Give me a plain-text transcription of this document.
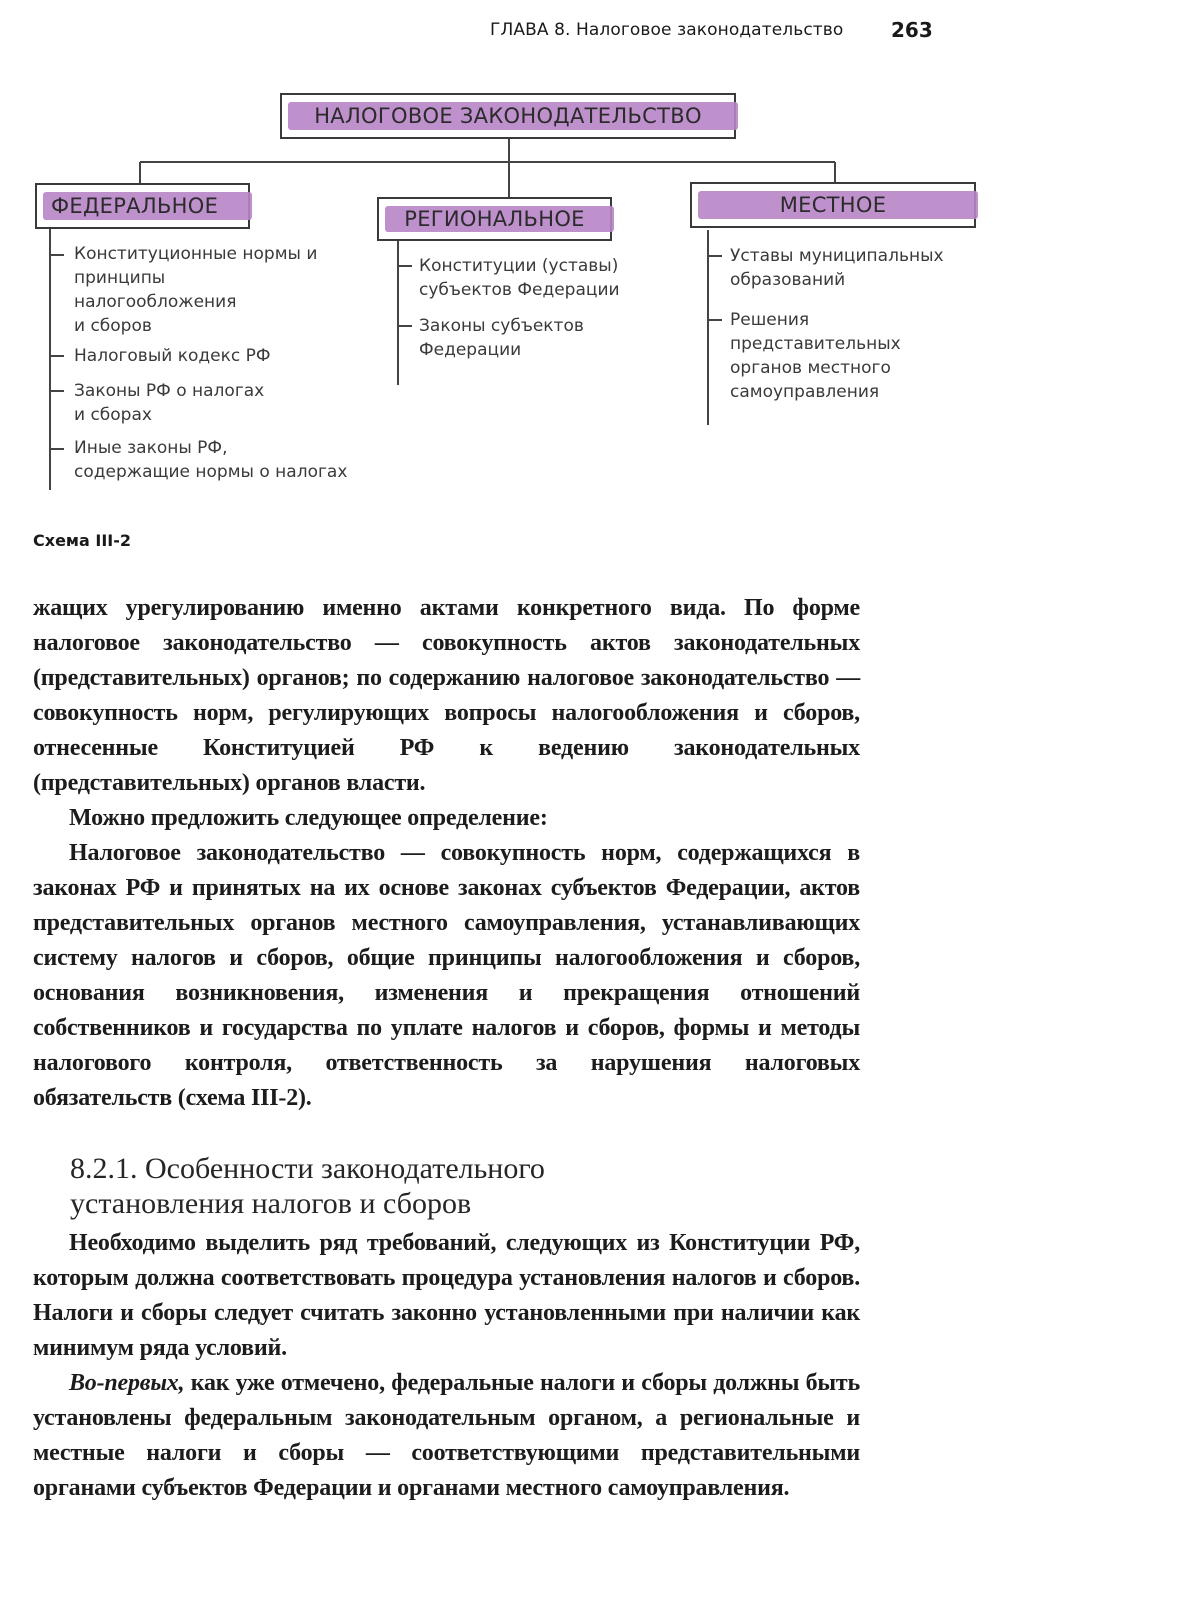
ГЛАВА 8. Налоговое законодательство 263
НАЛОГОВОЕ ЗАКОНОДАТЕЛЬСТВО
ФЕДЕРАЛЬНОЕ
РЕГИОНАЛЬНОЕ
МЕСТНОЕ
Конституционные нормы и
принципы
налогообложения
и сборов
Налоговый кодекс РФ
Законы РФ о налогах
и сборах
Иные законы РФ,
содержащие нормы о налогах
Конституции (уставы)
субъектов Федерации
Законы субъектов
Федерации
Уставы муниципальных
образований
Решения
представительных
органов местного
самоуправления
Схема III-2

жащих урегулированию именно актами конкретного вида. По форме налоговое законодательство — совокупность актов законодательных (представительных) органов; по содержанию налоговое законодательство — совокупность норм, регулирующих вопросы налогообложения и сборов, отнесенные Конституцией РФ к ведению законодательных (представительных) органов власти.

Можно предложить следующее определение:

Налоговое законодательство — совокупность норм, содержащихся в законах РФ и принятых на их основе законах субъектов Федерации, актов представительных органов местного самоуправления, устанавливающих систему налогов и сборов, общие принципы налогообложения и сборов, основания возникновения, изменения и прекращения отношений собственников и государства по уплате налогов и сборов, формы и методы налогового контроля, ответственность за нарушения налоговых обязательств (схема III-2).

8.2.1. Особенности законодательного
установления налогов и сборов

Необходимо выделить ряд требований, следующих из Конституции РФ, которым должна соответствовать процедура установления налогов и сборов. Налоги и сборы следует считать законно установленными при наличии как минимум ряда условий.

Во-первых, как уже отмечено, федеральные налоги и сборы должны быть установлены федеральным законодательным органом, а региональные и местные налоги и сборы — соответствующими представительными органами субъектов Федерации и органами местного самоуправления.
